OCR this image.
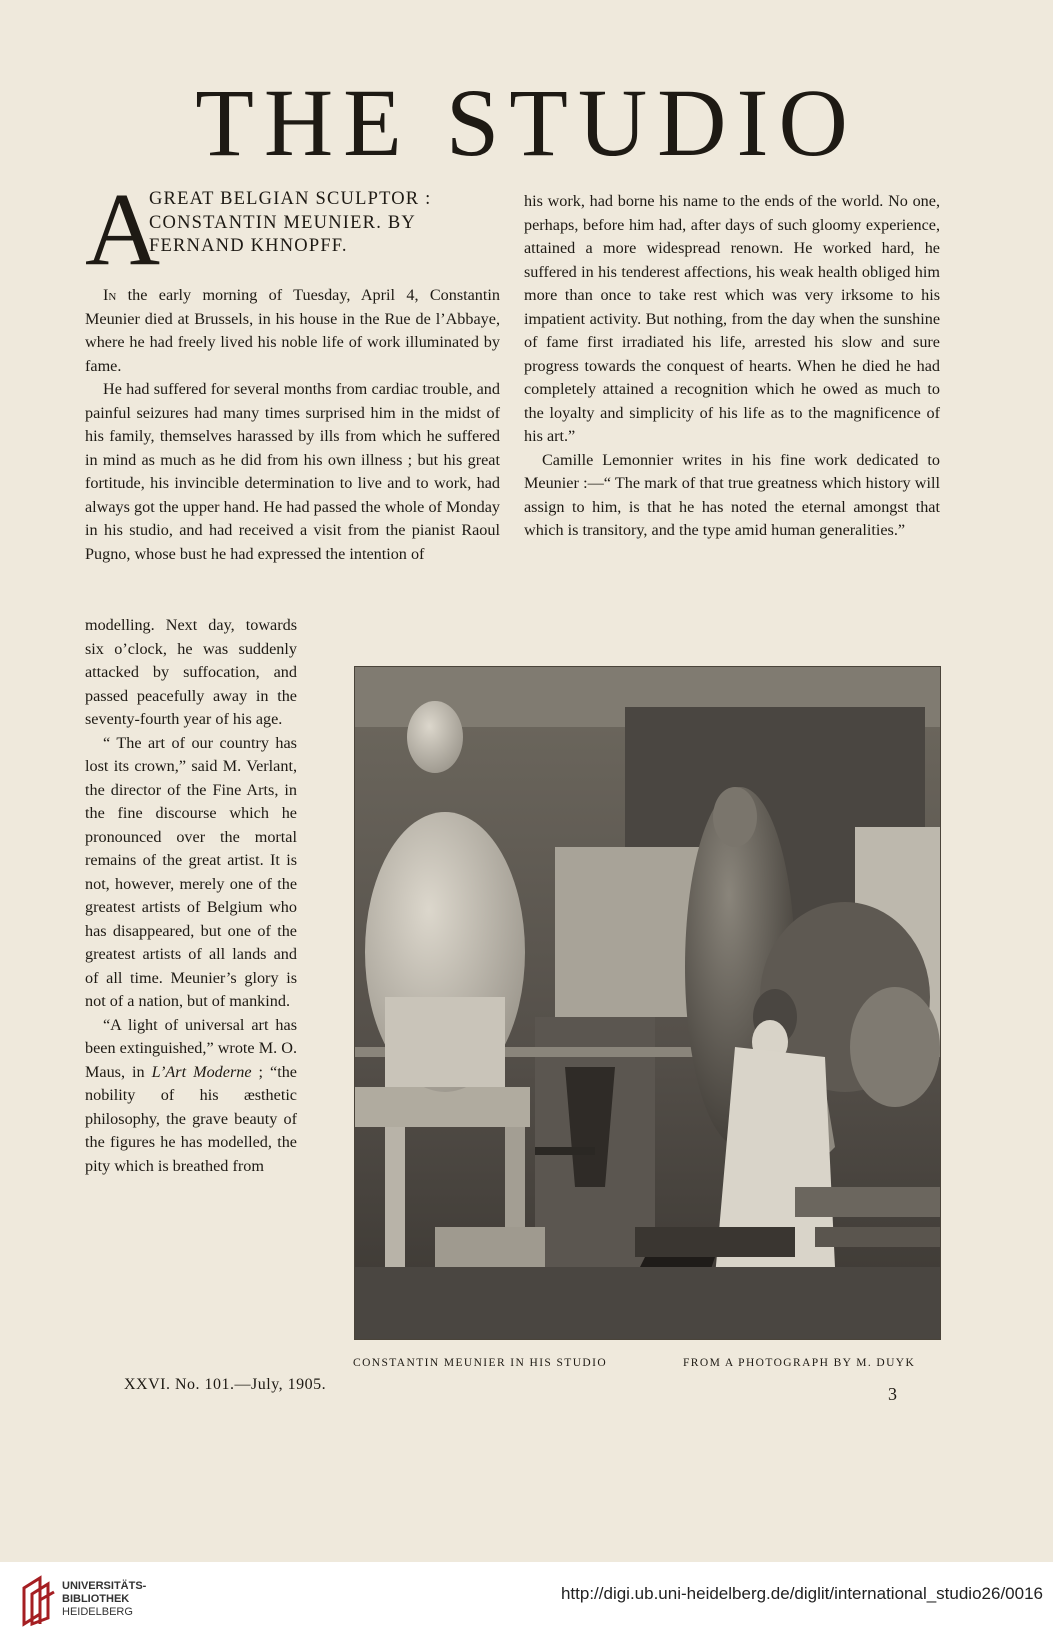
THE STUDIO
A
GREAT BELGIAN SCULPTOR :
CONSTANTIN MEUNIER. BY
FERNAND KHNOPFF.

In the early morning of Tuesday, April 4, Constantin Meunier died at Brussels, in his house in the Rue de l’Abbaye, where he had freely lived his noble life of work illuminated by fame.

He had suffered for several months from cardiac trouble, and painful seizures had many times surprised him in the midst of his family, themselves harassed by ills from which he suffered in mind as much as he did from his own illness ; but his great fortitude, his invincible determination to live and to work, had always got the upper hand. He had passed the whole of Monday in his studio, and had received a visit from the pianist Raoul Pugno, whose bust he had expressed the intention of

modelling. Next day, towards six o’clock, he was suddenly attacked by suffocation, and passed peacefully away in the seventy-fourth year of his age.

“ The art of our country has lost its crown,” said M. Verlant, the director of the Fine Arts, in the fine discourse which he pronounced over the mortal remains of the great artist. It is not, however, merely one of the greatest artists of Belgium who has disappeared, but one of the greatest artists of all lands and of all time. Meunier’s glory is not of a nation, but of mankind.

“A light of universal art has been extinguished,” wrote M. O. Maus, in L’Art Moderne ; “the nobility of his æsthetic philosophy, the grave beauty of the figures he has modelled, the pity which is breathed from

his work, had borne his name to the ends of the world. No one, perhaps, before him had, after days of such gloomy experience, attained a more widespread renown. He worked hard, he suffered in his tenderest affections, his weak health obliged him more than once to take rest which was very irksome to his impatient activity. But nothing, from the day when the sunshine of fame first irradiated his life, arrested his slow and sure progress towards the conquest of hearts. When he died he had completely attained a recognition which he owed as much to the loyalty and simplicity of his life as to the magnificence of his art.”

Camille Lemonnier writes in his fine work dedicated to Meunier :—“ The mark of that true greatness which history will assign to him, is that he has noted the eternal amongst that which is transitory, and the type amid human generalities.”

CONSTANTIN MEUNIER IN HIS STUDIO	FROM A PHOTOGRAPH BY M. DUYK
XXVI. No. 101.—July, 1905.	3
UNIVERSITÄTS-
BIBLIOTHEK
HEIDELBERG
http://digi.ub.uni-heidelberg.de/diglit/international_studio26/0016
